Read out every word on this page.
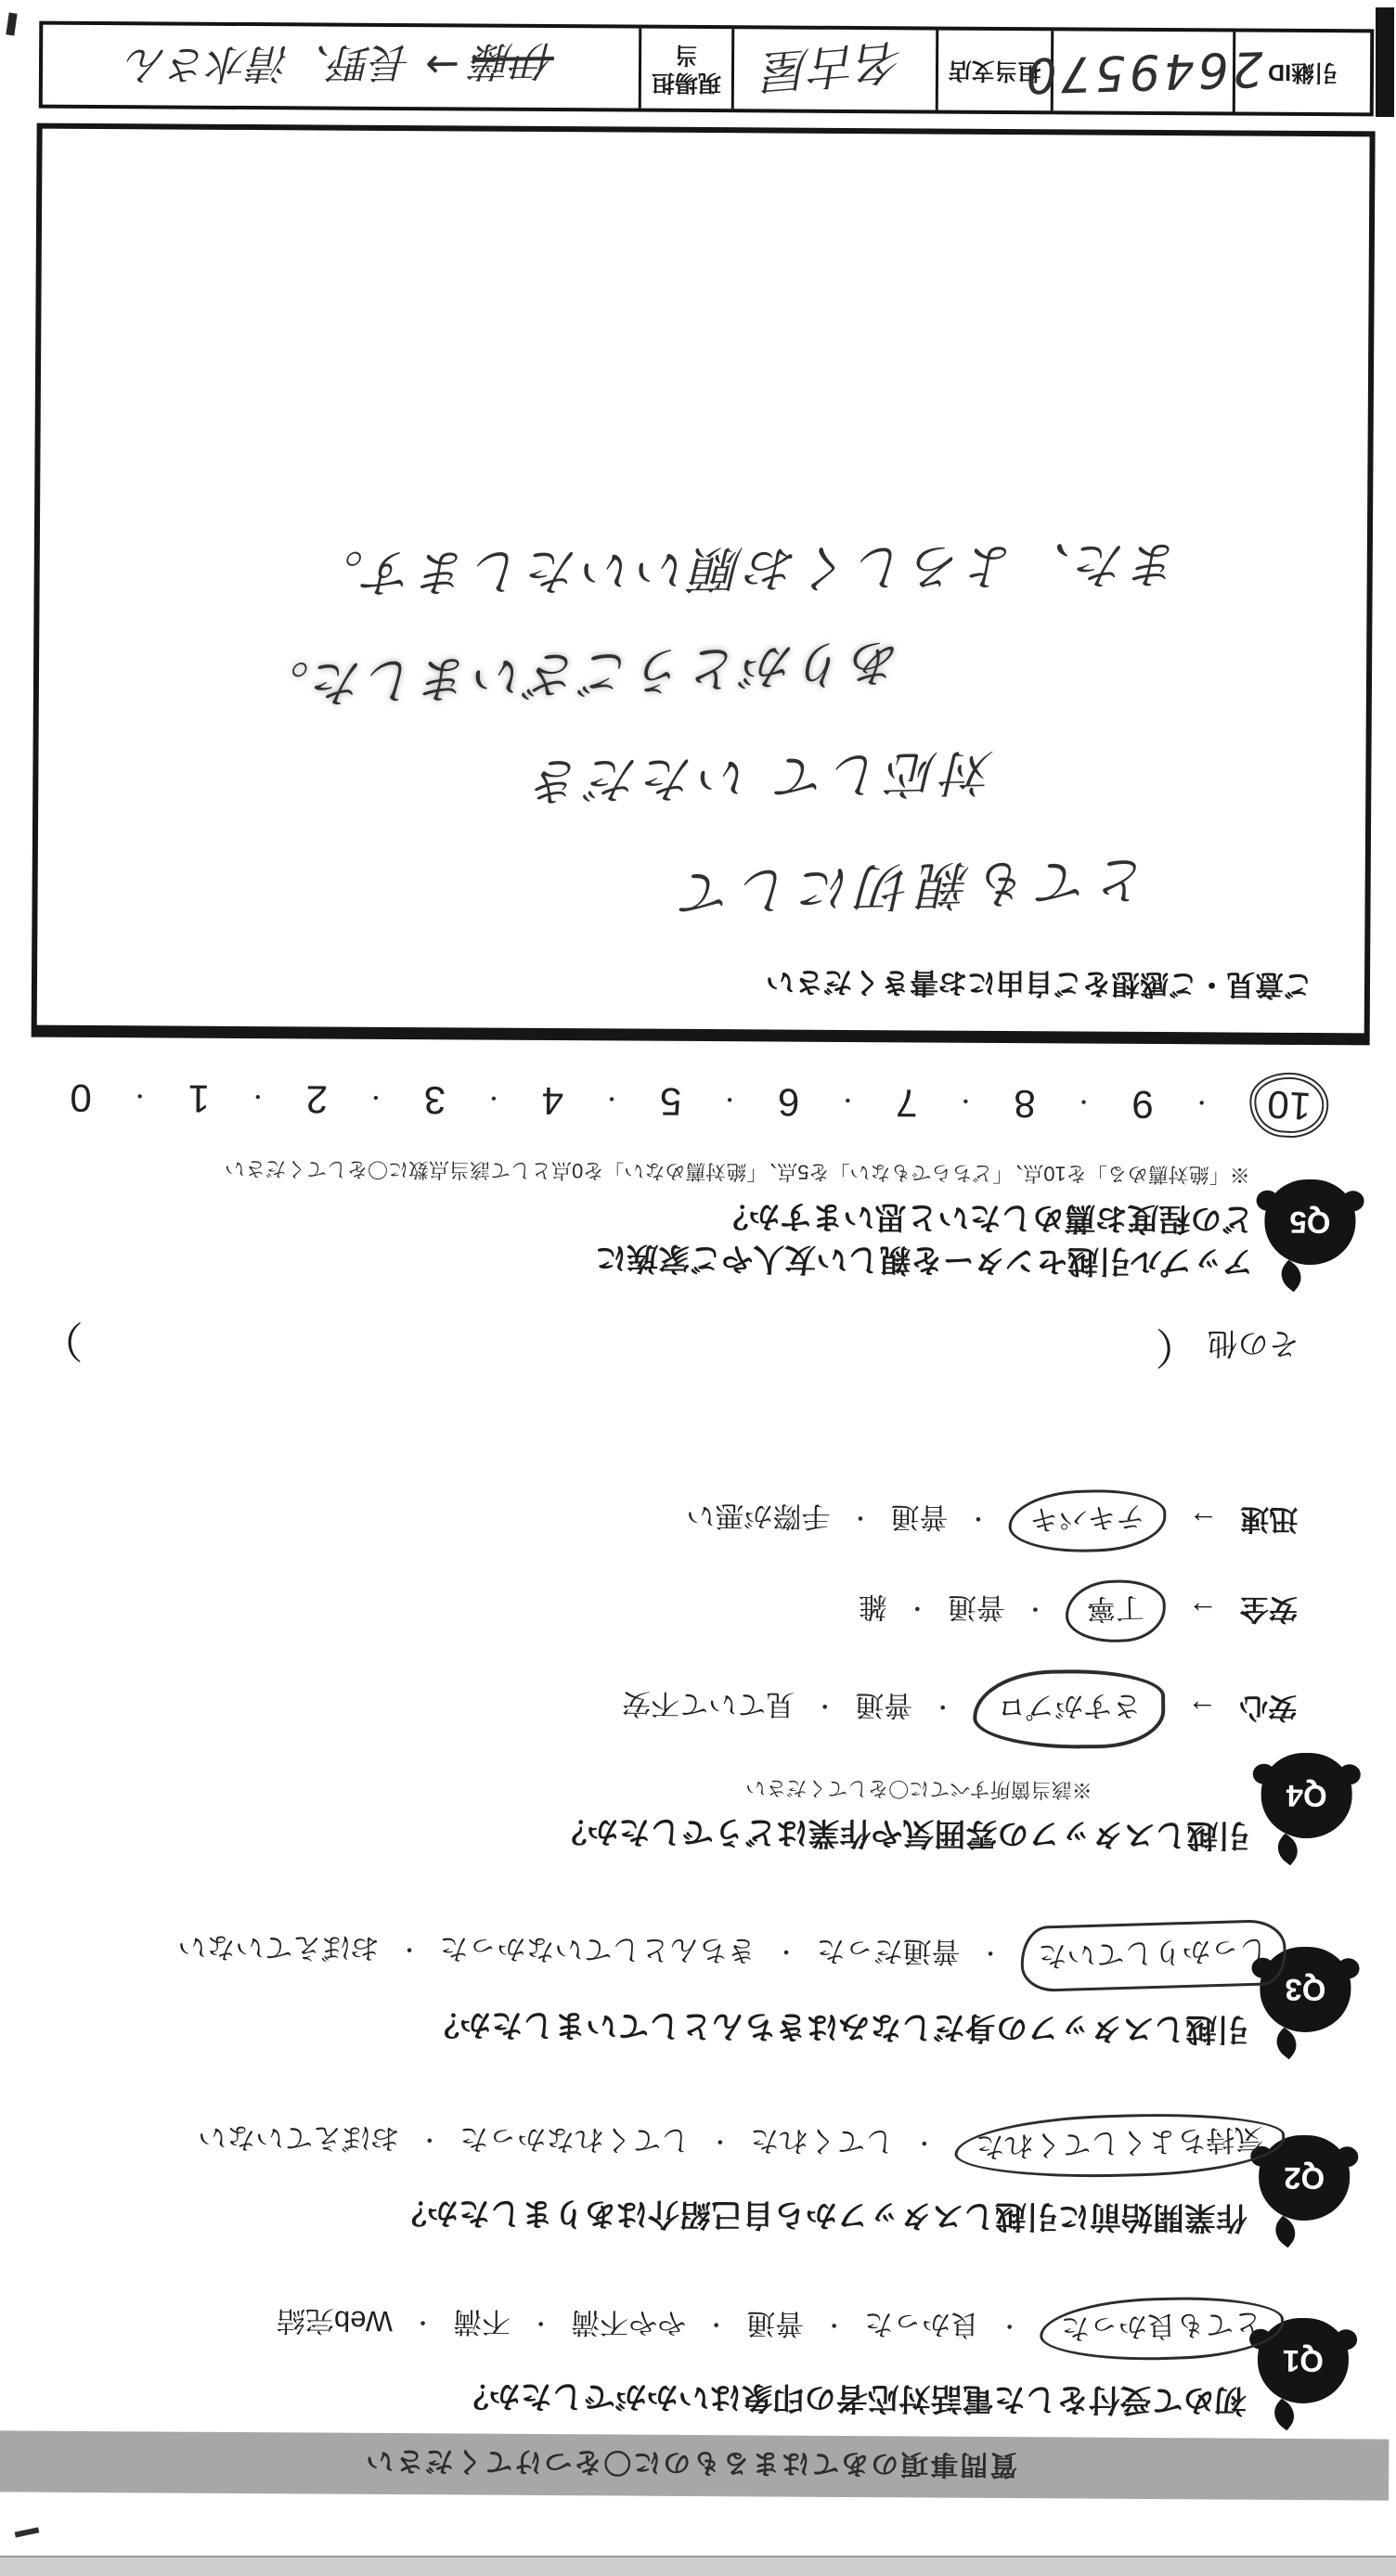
質問事項のあてはまるものに〇をつけてください
Q1
初めて受付をした電話対応者の印象はいかがでしたか？
とても良かった
・
良かった
・
普通
・
やや不満
・
不満
・
Web完結
Q2
作業開始前に引越しスタッフから自己紹介はありましたか？
気持ちよくしてくれた
・
してくれた
・
してくれなかった
・
おぼえていない
Q3
引越しスタッフの身だしなみはきちんとしていましたか？
しっかりしていた
・
普通だった
・
きちんとしていなかった
・
おぼえていない
Q4
引越しスタッフの雰囲気や作業はどうでしたか？
※該当箇所すべてに〇をしてください
安心
→
さすがプロ
・
普通
・
見ていて不安
安全
→
丁寧
・
普通
・
雑
迅速
→
テキパキ
・
普通
・
手際が悪い
その他
（
）
Q5
アップル引越センターを親しい友人やご家族に
どの程度お薦めしたいと思いますか？
※「絶対薦める」を10点、「どちらでもない」を5点、「絶対薦めない」を0点として該当点数に〇をしてください
10
・
9
・
8
・
7
・
6
・
5
・
4
・
3
・
2
・
1
・
0
ご意見・ご感想をご自由にお書きください
とても親切にして
対応して いただき
ありがとうございました。
また、よろしくお願いいたします。
引継ID
2649570
担当支店
名古屋
現場担当
伊藤
→
長野、清水さん
